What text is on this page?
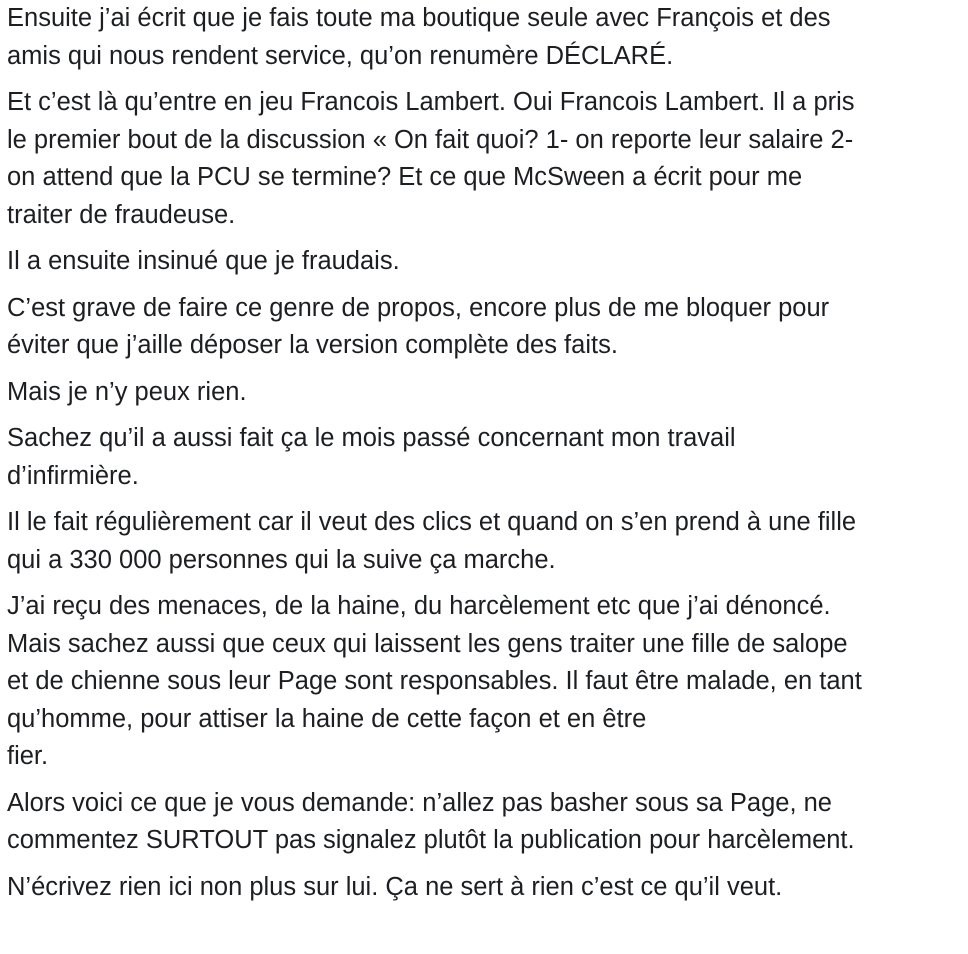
Ensuite j’ai écrit que je fais toute ma boutique seule avec François et des
amis qui nous rendent service, qu’on renumère DÉCLARÉ.

Et c’est là qu’entre en jeu Francois Lambert. Oui Francois Lambert. Il a pris
le premier bout de la discussion « On fait quoi? 1- on reporte leur salaire 2-
on attend que la PCU se termine? Et ce que McSween a écrit pour me
traiter de fraudeuse.

Il a ensuite insinué que je fraudais.

C’est grave de faire ce genre de propos, encore plus de me bloquer pour
éviter que j’aille déposer la version complète des faits.

Mais je n’y peux rien.

Sachez qu’il a aussi fait ça le mois passé concernant mon travail
d’infirmière.

Il le fait régulièrement car il veut des clics et quand on s’en prend à une fille
qui a 330 000 personnes qui la suive ça marche.

J’ai reçu des menaces, de la haine, du harcèlement etc que j’ai dénoncé.
Mais sachez aussi que ceux qui laissent les gens traiter une fille de salope
et de chienne sous leur Page sont responsables. Il faut être malade, en tant
qu’homme, pour attiser la haine de cette façon et en être
fier.

Alors voici ce que je vous demande: n’allez pas basher sous sa Page, ne
commentez SURTOUT pas signalez plutôt la publication pour harcèlement.

N’écrivez rien ici non plus sur lui. Ça ne sert à rien c’est ce qu’il veut.
